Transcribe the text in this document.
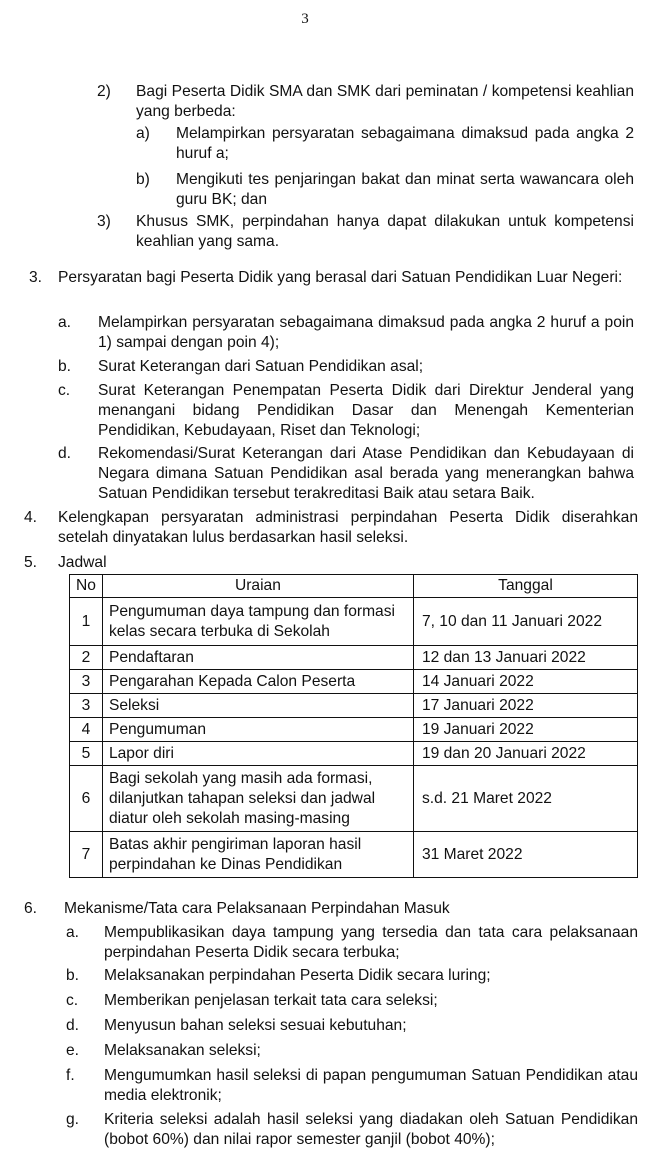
3
2) Bagi Peserta Didik SMA dan SMK dari peminatan / kompetensi keahlian yang berbeda:
a) Melampirkan persyaratan sebagaimana dimaksud pada angka 2 huruf a;
b) Mengikuti tes penjaringan bakat dan minat serta wawancara oleh guru BK; dan
3) Khusus SMK, perpindahan hanya dapat dilakukan untuk kompetensi keahlian yang sama.
3. Persyaratan bagi Peserta Didik yang berasal dari Satuan Pendidikan Luar Negeri:
a. Melampirkan persyaratan sebagaimana dimaksud pada angka 2 huruf a poin 1) sampai dengan poin 4);
b. Surat Keterangan dari Satuan Pendidikan asal;
c. Surat Keterangan Penempatan Peserta Didik dari Direktur Jenderal yang menangani bidang Pendidikan Dasar dan Menengah Kementerian Pendidikan, Kebudayaan, Riset dan Teknologi;
d. Rekomendasi/Surat Keterangan dari Atase Pendidikan dan Kebudayaan di Negara dimana Satuan Pendidikan asal berada yang menerangkan bahwa Satuan Pendidikan tersebut terakreditasi Baik atau setara Baik.
4. Kelengkapan persyaratan administrasi perpindahan Peserta Didik diserahkan setelah dinyatakan lulus berdasarkan hasil seleksi.
5. Jadwal
No	Uraian	Tanggal
1	Pengumuman daya tampung dan formasi kelas secara terbuka di Sekolah	7, 10 dan 11 Januari 2022
2	Pendaftaran	12 dan 13 Januari 2022
3	Pengarahan Kepada Calon Peserta	14 Januari 2022
3	Seleksi	17 Januari 2022
4	Pengumuman	19 Januari 2022
5	Lapor diri	19 dan 20 Januari 2022
6	Bagi sekolah yang masih ada formasi, dilanjutkan tahapan seleksi dan jadwal diatur oleh sekolah masing-masing	s.d. 21 Maret 2022
7	Batas akhir pengiriman laporan hasil perpindahan ke Dinas Pendidikan	31 Maret 2022
6. Mekanisme/Tata cara Pelaksanaan Perpindahan Masuk
a. Mempublikasikan daya tampung yang tersedia dan tata cara pelaksanaan perpindahan Peserta Didik secara terbuka;
b. Melaksanakan perpindahan Peserta Didik secara luring;
c. Memberikan penjelasan terkait tata cara seleksi;
d. Menyusun bahan seleksi sesuai kebutuhan;
e. Melaksanakan seleksi;
f. Mengumumkan hasil seleksi di papan pengumuman Satuan Pendidikan atau media elektronik;
g. Kriteria seleksi adalah hasil seleksi yang diadakan oleh Satuan Pendidikan (bobot 60%) dan nilai rapor semester ganjil (bobot 40%);
